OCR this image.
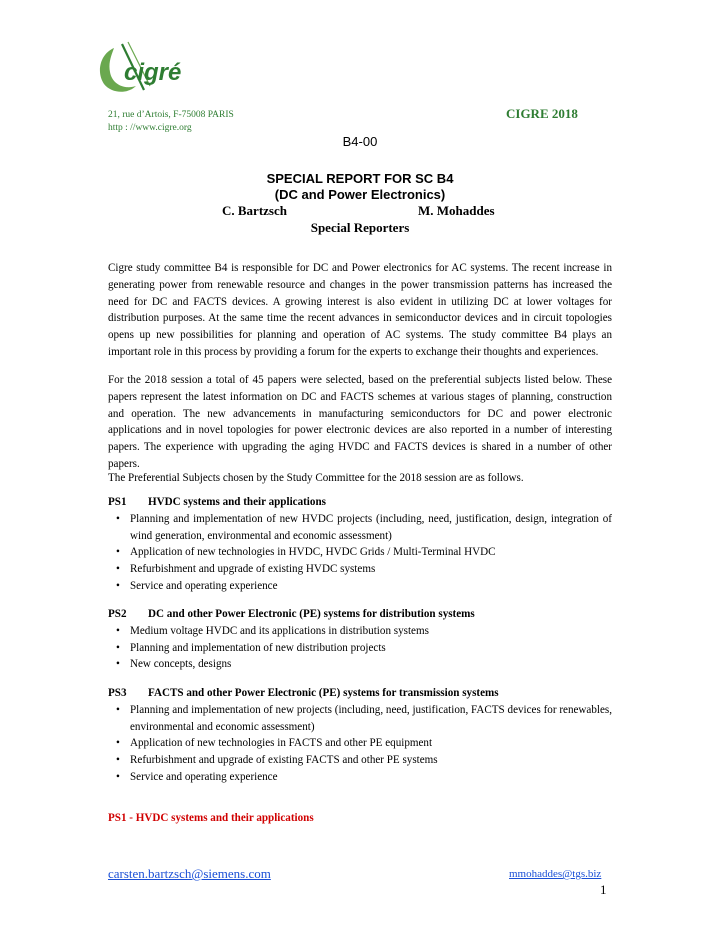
cigré
21, rue d’Artois, F-75008 PARIS
http : //www.cigre.org
CIGRE 2018
B4-00
SPECIAL REPORT FOR SC B4
(DC and Power Electronics)
C. Bartzsch	M. Mohaddes
Special Reporters
Cigre study committee B4 is responsible for DC and Power electronics for AC systems. The recent increase in generating power from renewable resource and changes in the power transmission patterns has increased the need for DC and FACTS devices. A growing interest is also evident in utilizing DC at lower voltages for distribution purposes. At the same time the recent advances in semiconductor devices and in circuit topologies opens up new possibilities for planning and operation of AC systems. The study committee B4 plays an important role in this process by providing a forum for the experts to exchange their thoughts and experiences.
For the 2018 session a total of 45 papers were selected, based on the preferential subjects listed below. These papers represent the latest information on DC and FACTS schemes at various stages of planning, construction and operation. The new advancements in manufacturing semiconductors for DC and power electronic applications and in novel topologies for power electronic devices are also reported in a number of interesting papers. The experience with upgrading the aging HVDC and FACTS devices is shared in a number of other papers.
The Preferential Subjects chosen by the Study Committee for the 2018 session are as follows.
PS1 HVDC systems and their applications
• Planning and implementation of new HVDC projects (including, need, justification, design, integration of wind generation, environmental and economic assessment)
• Application of new technologies in HVDC, HVDC Grids / Multi-Terminal HVDC
• Refurbishment and upgrade of existing HVDC systems
• Service and operating experience
PS2 DC and other Power Electronic (PE) systems for distribution systems
• Medium voltage HVDC and its applications in distribution systems
• Planning and implementation of new distribution projects
• New concepts, designs
PS3 FACTS and other Power Electronic (PE) systems for transmission systems
• Planning and implementation of new projects (including, need, justification, FACTS devices for renewables, environmental and economic assessment)
• Application of new technologies in FACTS and other PE equipment
• Refurbishment and upgrade of existing FACTS and other PE systems
• Service and operating experience
PS1 - HVDC systems and their applications
carsten.bartzsch@siemens.com	mmohaddes@tgs.biz
1
